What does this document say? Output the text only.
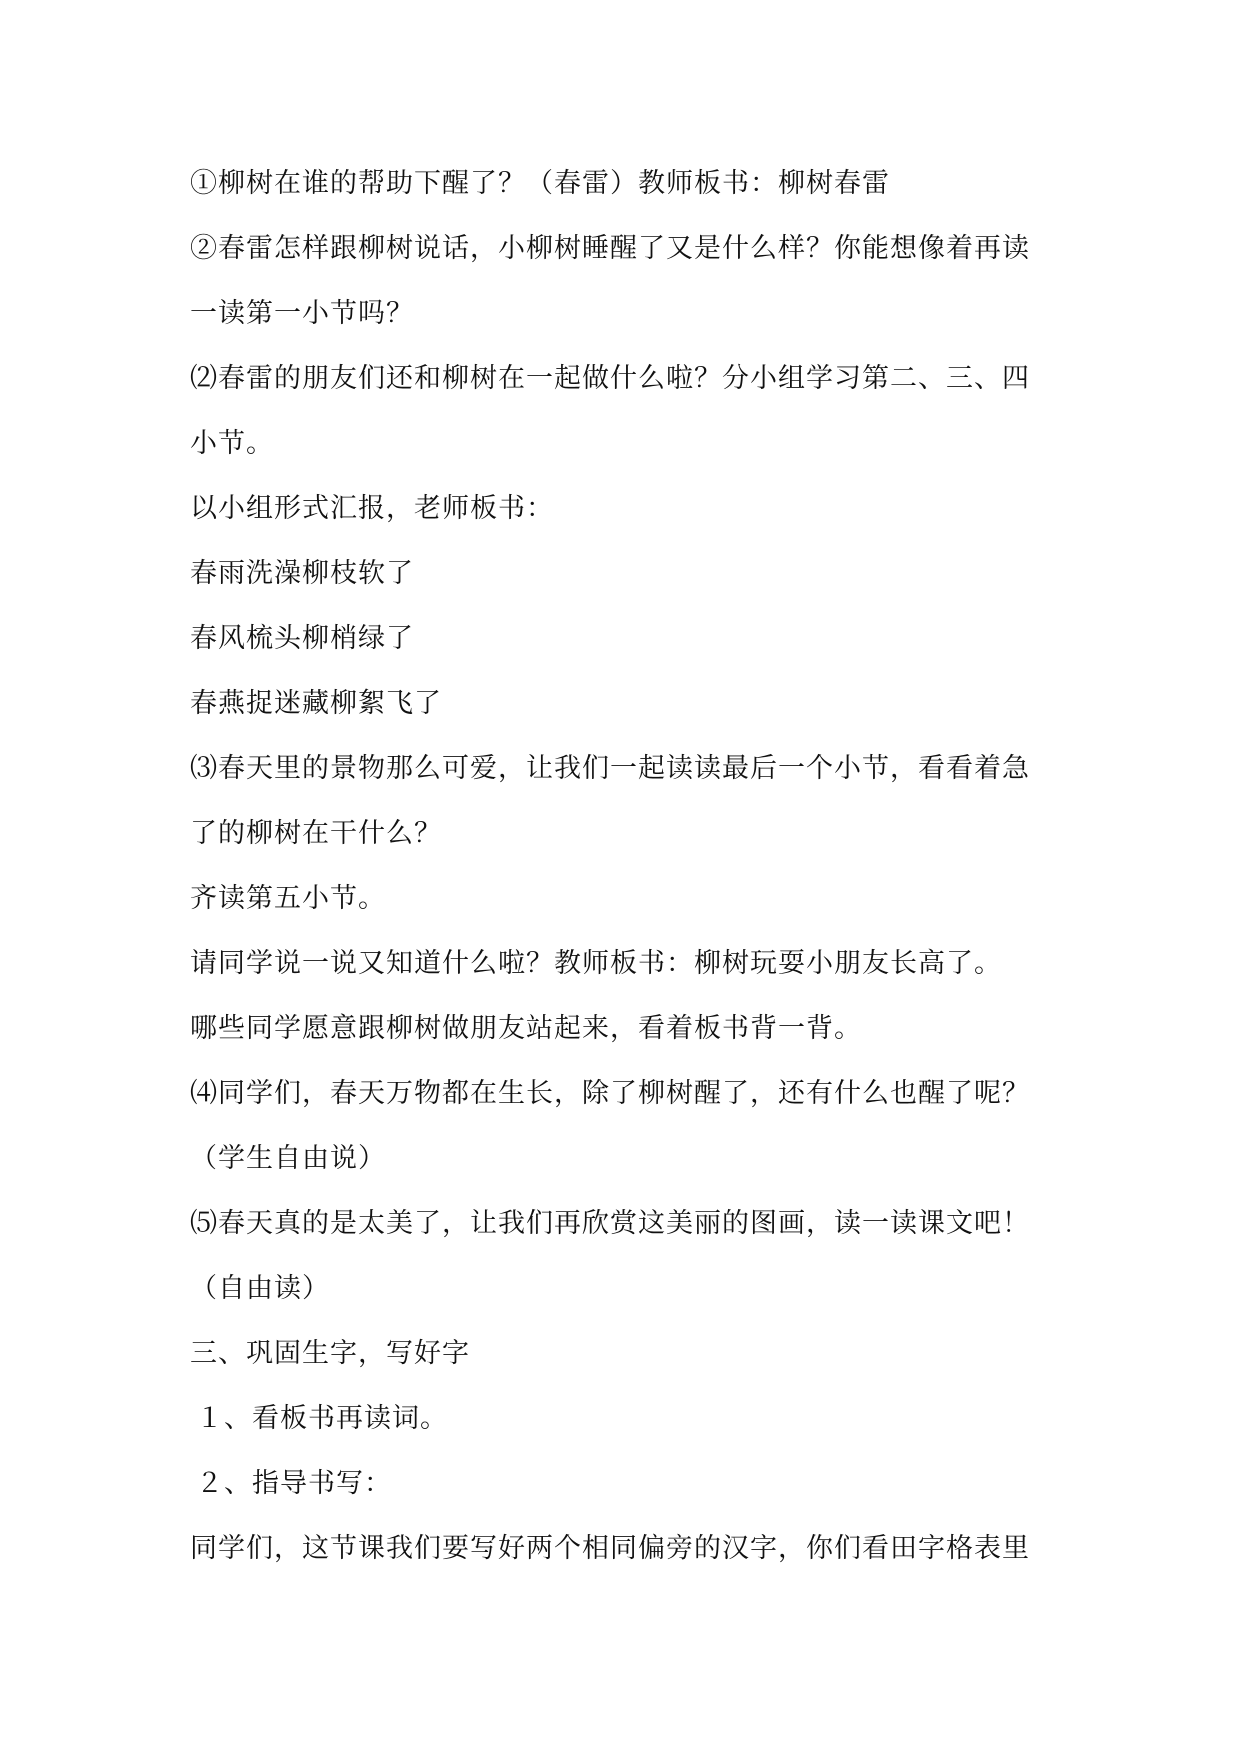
①柳树在谁的帮助下醒了？（春雷）教师板书：柳树春雷
②春雷怎样跟柳树说话，小柳树睡醒了又是什么样？你能想像着再读
一读第一小节吗？
⑵春雷的朋友们还和柳树在一起做什么啦？分小组学习第二、三、四
小节。
以小组形式汇报，老师板书：
春雨洗澡柳枝软了
春风梳头柳梢绿了
春燕捉迷藏柳絮飞了
⑶春天里的景物那么可爱，让我们一起读读最后一个小节，看看着急
了的柳树在干什么？
齐读第五小节。
请同学说一说又知道什么啦？教师板书：柳树玩耍小朋友长高了。
哪些同学愿意跟柳树做朋友站起来，看着板书背一背。
⑷同学们，春天万物都在生长，除了柳树醒了，还有什么也醒了呢？
（学生自由说）
⑸春天真的是太美了，让我们再欣赏这美丽的图画，读一读课文吧！
（自由读）
三、巩固生字，写好字
１、看板书再读词。
２、指导书写：
同学们，这节课我们要写好两个相同偏旁的汉字，你们看田字格表里
